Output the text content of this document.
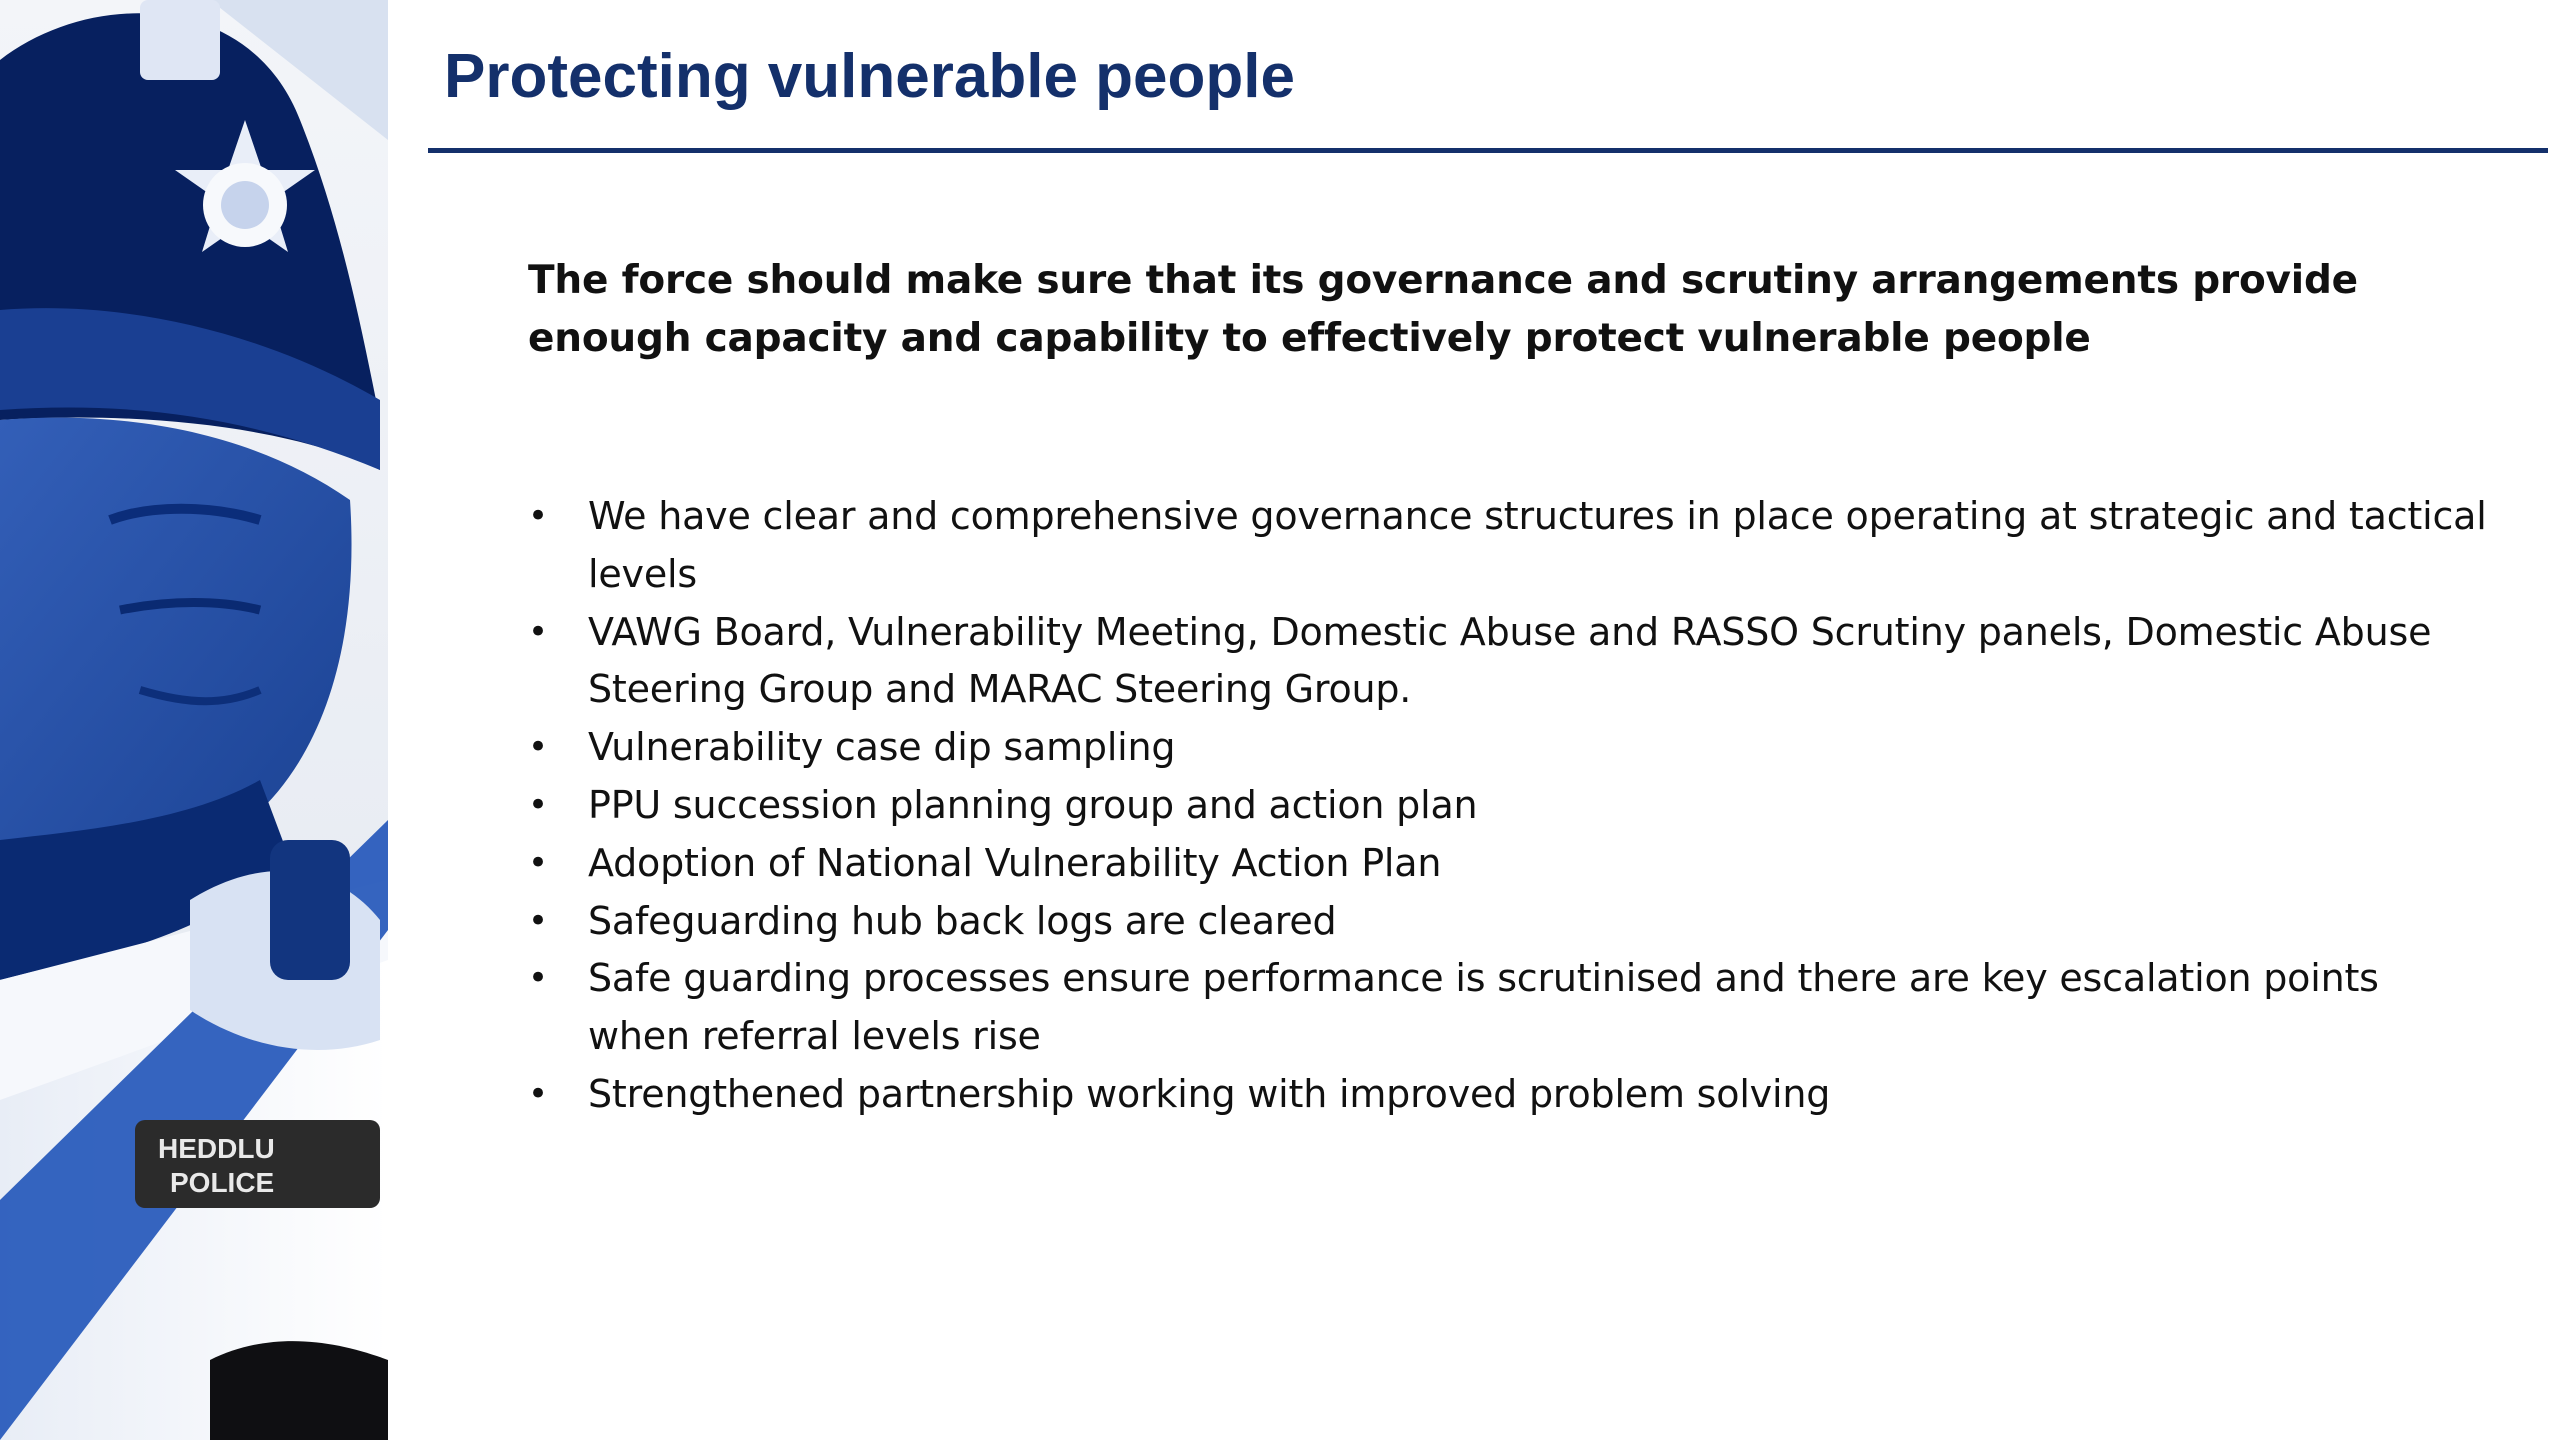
HEDDLU
POLICE
Protecting vulnerable people

The force should make sure that its governance and scrutiny arrangements provide enough capacity and capability to effectively protect vulnerable people

• We have clear and comprehensive governance structures in place operating at strategic and tactical levels
• VAWG Board, Vulnerability Meeting, Domestic Abuse and RASSO Scrutiny panels, Domestic Abuse Steering Group and MARAC Steering Group.
• Vulnerability case dip sampling
• PPU succession planning group and action plan
• Adoption of National Vulnerability Action Plan
• Safeguarding hub back logs are cleared
• Safe guarding processes ensure performance is scrutinised and there are key escalation points when referral levels rise
• Strengthened partnership working with improved problem solving
